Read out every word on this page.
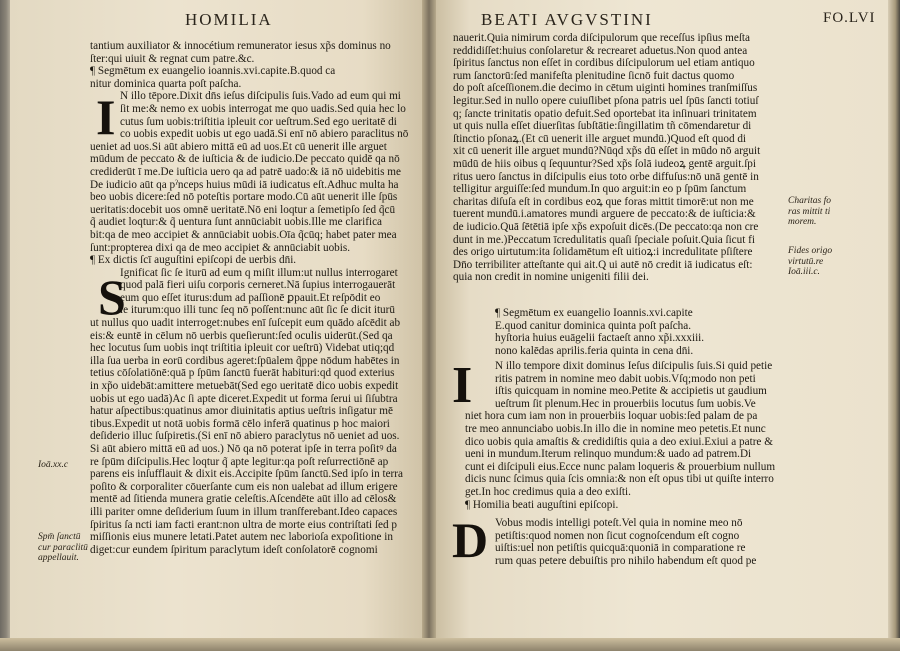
HOMILIA
tantium auxiliator & innocétium remunerator iesus xp̃s dominus no
ſter:qui uiuit & regnat cum patre.&c.
¶ Segmētum ex euangelio ioannis.xvi.capite.B.quod ca
nitur dominica quarta poſt paſcha.
N illo tēpore.Dixit dn̄s ieſus diſcipulis ſuis.Vado ad eum qui mi
ſit me:& nemo ex uobis interrogat me quo uadis.Sed quia hec lo
cutus ſum uobis:triſtitia ipleuit cor ueſtrum.Sed ego ueritatē di
co uobis expedit uobis ut ego uadā.Si enī nō abiero paraclitus nō
ueniet ad uos.Si aūt abiero mittā eū ad uos.Et cū uenerit ille arguet
mūdum de peccato & de iuſticia & de iudicio.De peccato quidē qa nō
crediderūt ī me.De iuſticia uero qa ad patrē uado:& iā nō uidebitis me
De iudicio aūt qa pˀnceps huius mūdi iā iudicatus eſt.Adhuc multa ha
beo uobis dicere:ſed nō poteſtis portare modo.Cū aūt uenerit ille ſpūs
ueritatis:docebit uos omnē ueritatē.Nō eni loqtur a ſemetipſo ſed q̃cū
q̃ audiet loqtur:& q̃ uentura ſunt annūciabit uobis.Ille me clarifica
bit:qa de meo accipiet & annūciabit uobis.Oīa q̃cūq; habet pater mea
ſunt:propterea dixi qa de meo accipiet & annūciabit uobis.
¶ Ex dictis ſcī auguſtini epiſcopi de uerbis dn̄i.
Ignificat ſic ſe iturū ad eum q miſit illum:ut nullus interrogaret
quod palā fieri uiſu corporis cerneret.Nā ſupius interrogauerāt
eum quo eſſet iturus:dum ad paſſionē ꝑpauit.Et reſpōdit eo
ſe iturum:quo illi tunc ſeq nō poſſent:nunc aūt ſic ſe dicit iturū
ut nullus quo uadit interroget:nubes enī ſuſcepit eum quādo aſcēdit ab
eis:& euntē in cēlum nō uerbis queſierunt:ſed oculis uiderūt.(Sed qa
hec locutus ſum uobis inqt triſtitia ipleuit cor ueſtrū) Videbat utiq;qd
illa ſua uerba in eorū cordibus ageret:ſpūalem q̃ppe nōdum habētes in
tetius cōſolatiōnē:quā p ſpūm ſanctū fuerāt habituri:qd quod exterius
in xp̃o uidebāt:amittere metuebāt(Sed ego ueritatē dico uobis expedit
uobis ut ego uadā)Ac ſi apte diceret.Expedit ut forma ſerui ui ſiſubtra
hatur aſpectibus:quatinus amor diuinitatis aptius ueſtris inſigatur mē
tibus.Expedit ut notā uobis formā cēlo inferā quatinus p hoc maiori
deſiderio illuc ſuſpiretis.(Si enī nō abiero paraclytus nō ueniet ad uos.
Si aūt abiero mittā eū ad uos.) Nō qa nō poterat ipſe in terra poſitꝰ da
re ſpūm diſcipulis.Hec loqtur q̃ apte legitur:qa poſt reſurrectiōnē ap
parens eis inſufflauit & dixit eis.Accipite ſpūm ſanctū.Sed ipſo in terra
poſito & corporaliter cōuerſante cum eis non ualebat ad illum erigere
mentē ad ſitienda munera gratie celeſtis.Aſcendēte aūt illo ad cēlos&
illi pariter omne deſiderium ſuum in illum tranſferebant.Ideo capaces
ſpiritus ſa ncti iam facti erant:non ultra de morte eius contriſtati ſed p
miſſionis eius munere letati.Patet autem nec laborioſa expoſitione in
diget:cur eundem ſpiritum paraclytum ideſt conſolatorē cognomi
I
S
BEATI AVGVSTINI	FO.LVI
nauerit.Quia nimirum corda diſcipulorum que receſſus ipſius meſta
reddidiſſet:huius conſolaretur & recrearet aduetus.Non quod antea
ſpiritus ſanctus non eſſet in cordibus diſcipulorum uel etiam antiquo
rum ſanctorū:ſed manifeſta plenitudine ſicnō fuit dactus quomo
do poſt aſceſſionem.die decimo in cētum uiginti homines tranſmiſſus
legitur.Sed in nullo opere cuiuſlibet pſona patris uel ſpūs ſancti totiuſ
q; ſancte trinitatis opatio defuit.Sed oportebat ita inſinuari trinitatem
ut quis nulla eſſet diuerſitas ſubſtātie:ſingillatim tñ cōmendaretur di
ſtinctio pſonaꝝ.(Et cū uenerit ille arguet mundū.)Quod eſt quod di
xit cū uenerit ille arguet mundū?Nūqd xp̃s dū eſſet in mūdo nō arguit
mūdū de hiis oibus q ſequuntur?Sed xp̃s ſolā iudeoꝝ gentē arguit.ſpi
ritus uero ſanctus in diſcipulis eius toto orbe diffuſus:nō unā gentē in
telligitur arguiſſe:ſed mundum.In quo arguit:in eo p ſpūm ſanctum
charitas diſuſa eſt in cordibus eoꝝ que foras mittit timorē:ut non me
tuerent mundū.i.amatores mundi arguere de peccato:& de iuſticia:&
de iudicio.Quā ſētētiā ipſe xp̃s expoſuit dicēs.(De peccato:qa non cre
dunt in me.)Peccatum īcredulitatis quaſi ſpeciale poſuit.Quia ſicut fi
des origo uirtutum:ita ſolidamētum eſt uitioꝝ:i incredulitate pſiſtere
Dn̄o terribiliter atteſtante qui ait.Q ui autē nō credit iā iudicatus eſt:
quia non credit in nomine unigeniti filii dei.
¶ Segmētum ex euangelio Ioannis.xvi.capite
E.quod canitur dominica quinta poſt paſcha.
hyſtoria huius euāgelii factaeſt anno xp̃i.xxxiii.
nono kalēdas aprilis.feria quinta in cena dn̄i.
N illo tempore dixit dominus Ieſus diſcipulis ſuis.Si quid petie
ritis patrem in nomine meo dabit uobis.Vſq;modo non peti
iſtis quicquam in nomine meo.Petite & accipietis ut gaudium
ueſtrum ſit plenum.Hec in prouerbiis locutus ſum uobis.Ve
niet hora cum iam non in prouerbiis loquar uobis:ſed palam de pa
tre meo annunciabo uobis.In illo die in nomine meo petetis.Et nunc
dico uobis quia amaſtis & credidiſtis quia a deo exiui.Exiui a patre &
ueni in mundum.Iterum relinquo mundum:& uado ad patrem.Di
cunt ei diſcipuli eius.Ecce nunc palam loqueris & prouerbium nullum
dicis nunc ſcimus quia ſcis omnia:& non eſt opus tibi ut quiſte interro
get.In hoc credimus quia a deo exiſti.
¶ Homilia beati auguſtini epiſcopi.
Vobus modis intelligi poteſt.Vel quia in nomine meo nō
petiſtis:quod nomen non ſicut cognoſcendum eſt cogno
uiſtis:uel non petiſtis quicquā:quoniā in comparatione re
rum quas petere debuiſtis pro nihilo habendum eſt quod pe
I
D
Ioā.xx.c
Spm̄ ſanctū
cur paraclitū
appellauit.
Charitas fo
ras mittit ti
morem.
Fides origo
virtutū.re
Ioā.iii.c.
